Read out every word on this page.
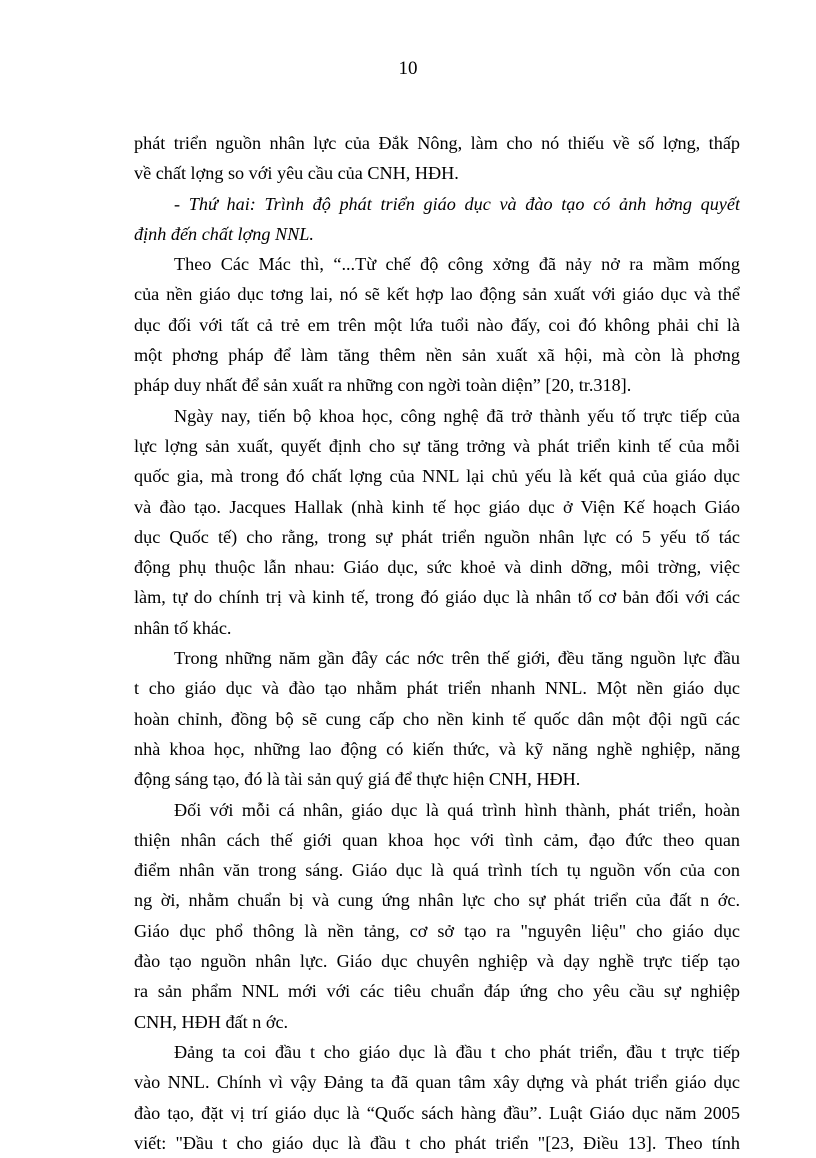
10
phát triển nguồn nhân lực của Đắk Nông, làm cho nó thiếu về số lợng, thấp
về chất lợng so với yêu cầu của CNH, HĐH.
- Thứ hai: Trình độ phát triển giáo dục và đào tạo có ảnh hởng quyết
định đến chất lợng NNL.
Theo Các Mác thì, “...Từ chế độ công xởng đã nảy nở ra mầm mống
của nền giáo dục tơng lai, nó sẽ kết hợp lao động sản xuất với giáo dục và thể
dục đối với tất cả trẻ em trên một lứa tuổi nào đấy, coi đó không phải chỉ là
một phơng pháp để làm tăng thêm nền sản xuất xã hội, mà còn là phơng
pháp duy nhất để sản xuất ra những con ngời toàn diện” [20, tr.318].
Ngày nay, tiến bộ khoa học, công nghệ đã trở thành yếu tố trực tiếp của
lực lợng sản xuất, quyết định cho sự tăng trởng và phát triển kinh tế của mỗi
quốc gia, mà trong đó chất lợng của NNL lại chủ yếu là kết quả của giáo dục
và đào tạo. Jacques Hallak (nhà kinh tế học giáo dục ở Viện Kế hoạch Giáo
dục Quốc tế) cho rằng, trong sự phát triển nguồn nhân lực có 5 yếu tố tác
động phụ thuộc lẫn nhau: Giáo dục, sức khoẻ và dinh dỡng, môi trờng, việc
làm, tự do chính trị và kinh tế, trong đó giáo dục là nhân tố cơ bản đối với các
nhân tố khác.
Trong những năm gần đây các nớc trên thế giới, đều tăng nguồn lực đầu
t cho giáo dục và đào tạo nhằm phát triển nhanh NNL. Một nền giáo dục
hoàn chỉnh, đồng bộ sẽ cung cấp cho nền kinh tế quốc dân một đội ngũ các
nhà khoa học, những lao động có kiến thức, và kỹ năng nghề nghiệp, năng
động sáng tạo, đó là tài sản quý giá để thực hiện CNH, HĐH.
Đối với mỗi cá nhân, giáo dục là quá trình hình thành, phát triển, hoàn
thiện nhân cách thế giới quan khoa học với tình cảm, đạo đức theo quan
điểm nhân văn trong sáng. Giáo dục là quá trình tích tụ nguồn vốn của con
ng ời, nhằm chuẩn bị và cung ứng nhân lực cho sự phát triển của đất n ớc.
Giáo dục phổ thông là nền tảng, cơ sở tạo ra "nguyên liệu" cho giáo dục
đào tạo nguồn nhân lực. Giáo dục chuyên nghiệp và dạy nghề trực tiếp tạo
ra sản phẩm NNL mới với các tiêu chuẩn đáp ứng cho yêu cầu sự nghiệp
CNH, HĐH đất n ớc.
Đảng ta coi đầu t cho giáo dục là đầu t cho phát triển, đầu t trực tiếp
vào NNL. Chính vì vậy Đảng ta đã quan tâm xây dựng và phát triển giáo dục
đào tạo, đặt vị trí giáo dục là “Quốc sách hàng đầu”. Luật Giáo dục năm 2005
viết: "Đầu t cho giáo dục là đầu t cho phát triển "[23, Điều 13]. Theo tính
